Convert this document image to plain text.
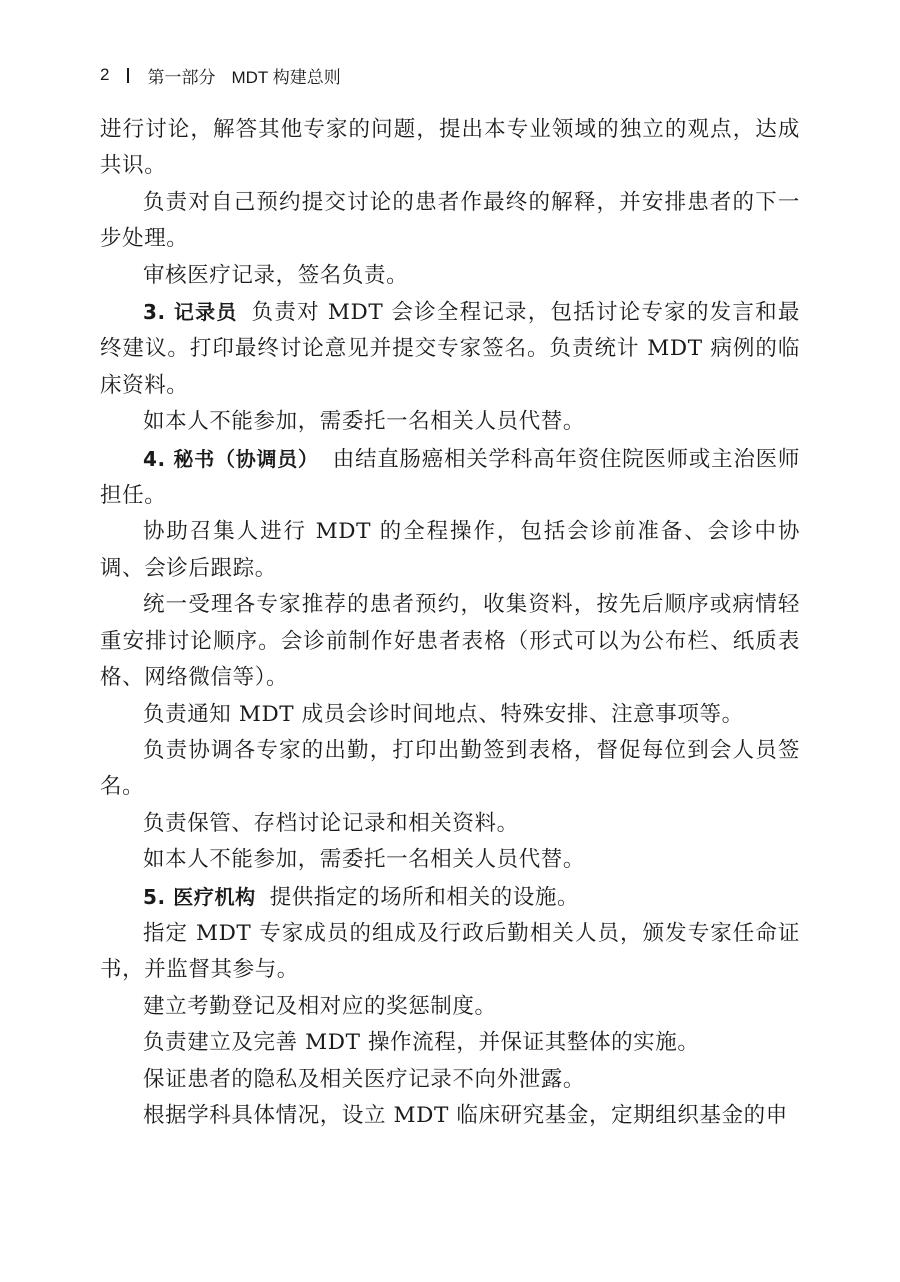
2 第一部分 MDT 构建总则

进行讨论，解答其他专家的问题，提出本专业领域的独立的观点，达成共识。

负责对自己预约提交讨论的患者作最终的解释，并安排患者的下一步处理。

审核医疗记录，签名负责。

3. 记录员 负责对 MDT 会诊全程记录，包括讨论专家的发言和最终建议。打印最终讨论意见并提交专家签名。负责统计 MDT 病例的临床资料。

如本人不能参加，需委托一名相关人员代替。

4. 秘书（协调员） 由结直肠癌相关学科高年资住院医师或主治医师担任。

协助召集人进行 MDT 的全程操作，包括会诊前准备、会诊中协调、会诊后跟踪。

统一受理各专家推荐的患者预约，收集资料，按先后顺序或病情轻重安排讨论顺序。会诊前制作好患者表格（形式可以为公布栏、纸质表格、网络微信等）。

负责通知 MDT 成员会诊时间地点、特殊安排、注意事项等。

负责协调各专家的出勤，打印出勤签到表格，督促每位到会人员签名。

负责保管、存档讨论记录和相关资料。

如本人不能参加，需委托一名相关人员代替。

5. 医疗机构 提供指定的场所和相关的设施。

指定 MDT 专家成员的组成及行政后勤相关人员，颁发专家任命证书，并监督其参与。

建立考勤登记及相对应的奖惩制度。

负责建立及完善 MDT 操作流程，并保证其整体的实施。

保证患者的隐私及相关医疗记录不向外泄露。

根据学科具体情况，设立 MDT 临床研究基金，定期组织基金的申
